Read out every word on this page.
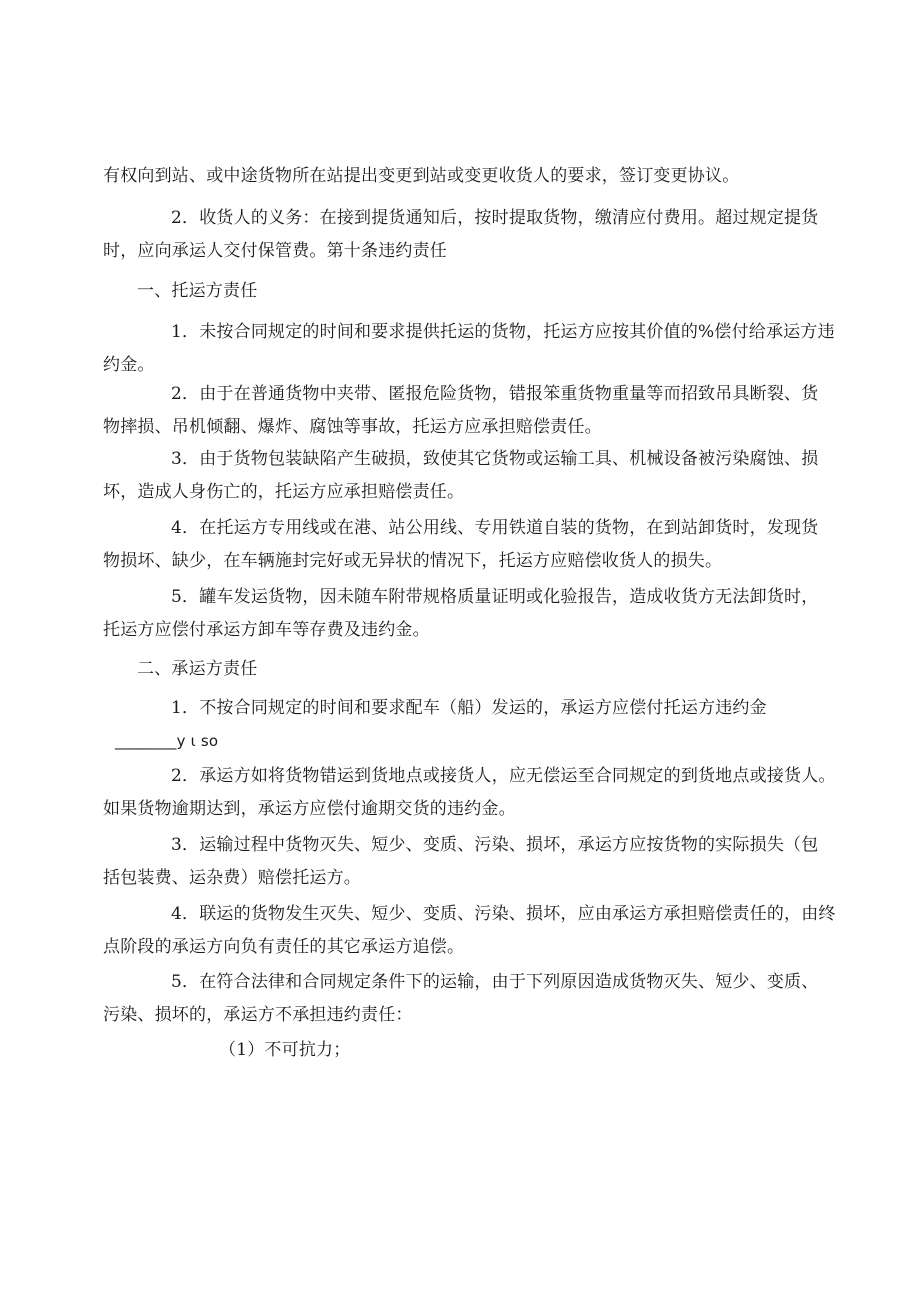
有权向到站、或中途货物所在站提出变更到站或变更收货人的要求，签订变更协议。

2．收货人的义务：在接到提货通知后，按时提取货物，缴清应付费用。超过规定提货
时，应向承运人交付保管费。第十条违约责任

一、托运方责任

1．未按合同规定的时间和要求提供托运的货物，托运方应按其价值的%偿付给承运方违
约金。

2．由于在普通货物中夹带、匿报危险货物，错报笨重货物重量等而招致吊具断裂、货
物摔损、吊机倾翻、爆炸、腐蚀等事故，托运方应承担赔偿责任。

3．由于货物包装缺陷产生破损，致使其它货物或运输工具、机械设备被污染腐蚀、损
坏，造成人身伤亡的，托运方应承担赔偿责任。

4．在托运方专用线或在港、站公用线、专用铁道自装的货物，在到站卸货时，发现货
物损坏、缺少，在车辆施封完好或无异状的情况下，托运方应赔偿收货人的损失。

5．罐车发运货物，因未随车附带规格质量证明或化验报告，造成收货方无法卸货时，
托运方应偿付承运方卸车等存费及违约金。

二、承运方责任

1．不按合同规定的时间和要求配车（船）发运的，承运方应偿付托运方违约金
________y ι so

2．承运方如将货物错运到货地点或接货人，应无偿运至合同规定的到货地点或接货人。
如果货物逾期达到，承运方应偿付逾期交货的违约金。

3．运输过程中货物灭失、短少、变质、污染、损坏，承运方应按货物的实际损失（包
括包装费、运杂费）赔偿托运方。

4．联运的货物发生灭失、短少、变质、污染、损坏，应由承运方承担赔偿责任的，由终
点阶段的承运方向负有责任的其它承运方追偿。

5．在符合法律和合同规定条件下的运输，由于下列原因造成货物灭失、短少、变质、
污染、损坏的，承运方不承担违约责任：

（1）不可抗力；
